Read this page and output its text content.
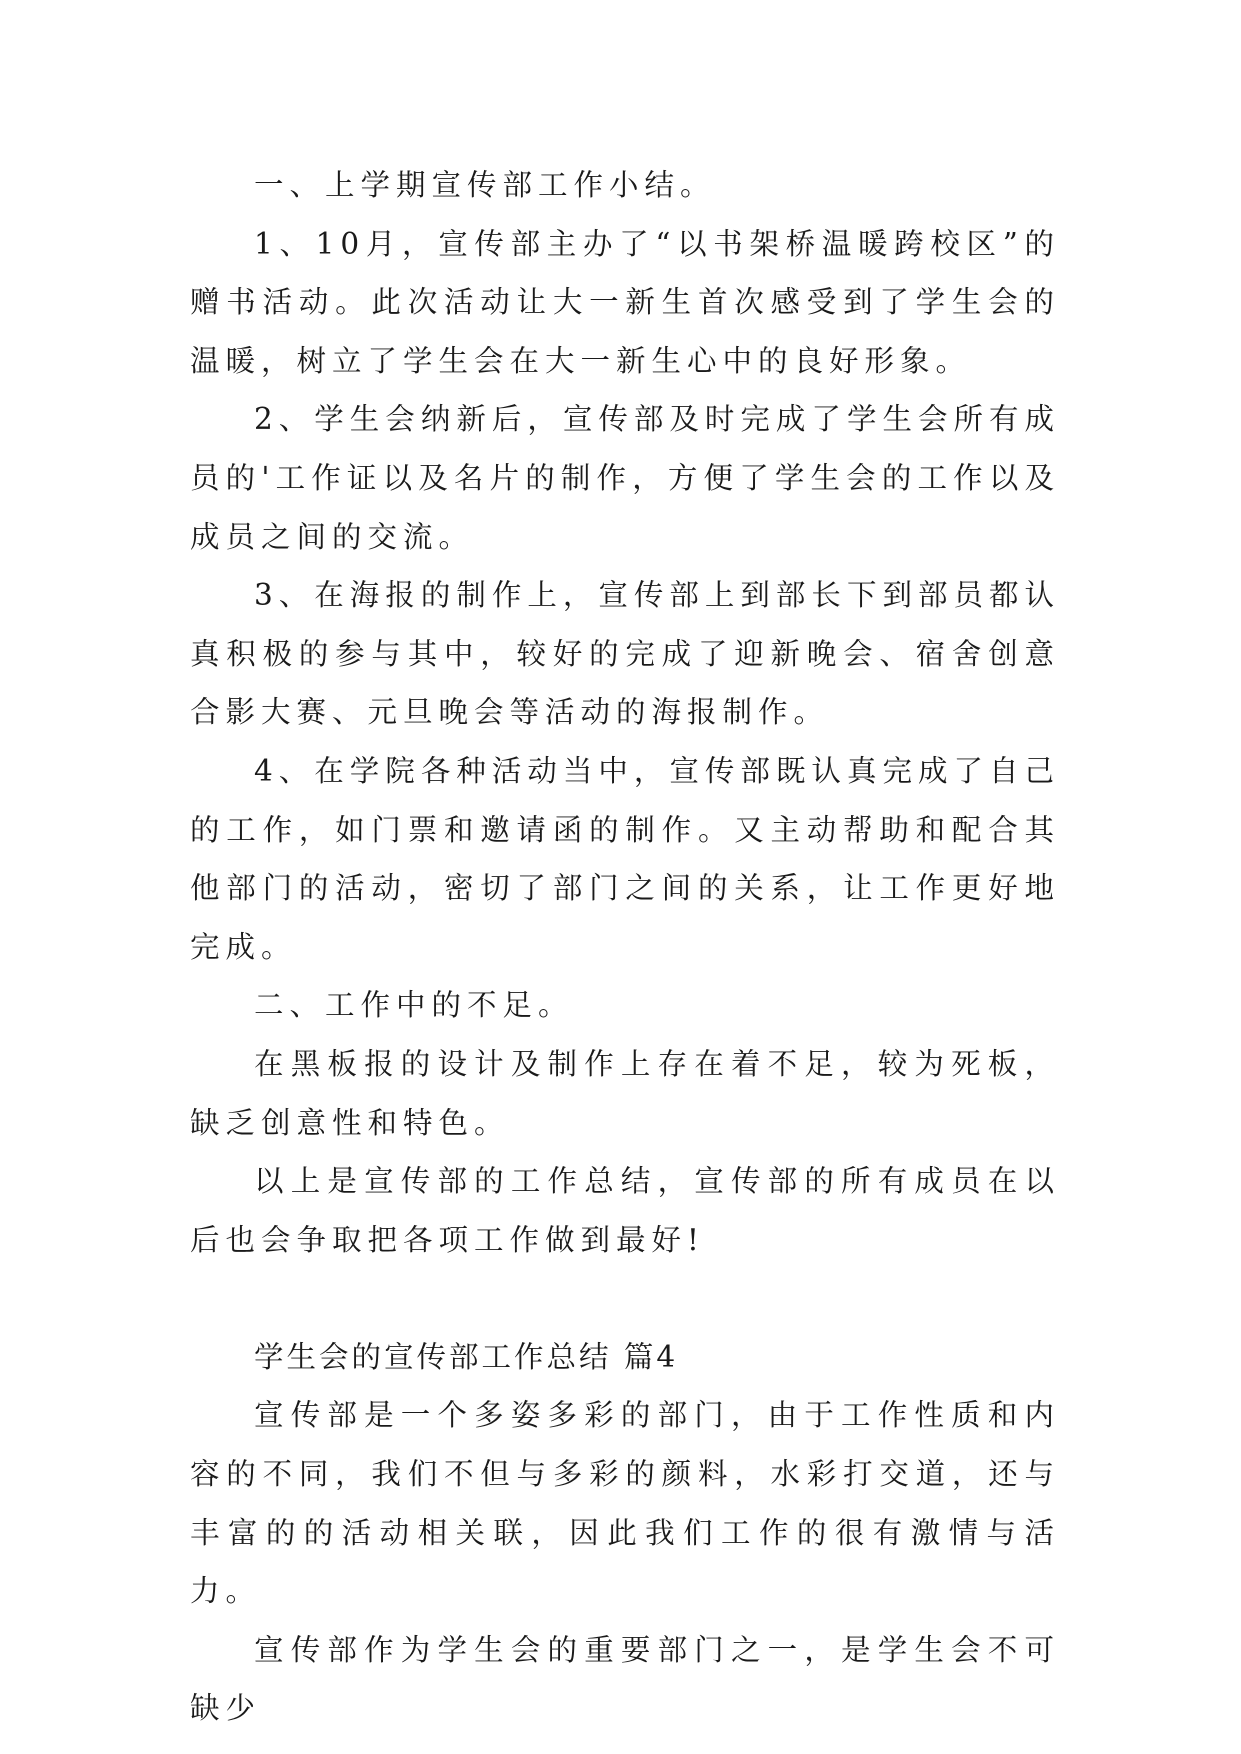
一、上学期宣传部工作小结。

1、10月，宣传部主办了“以书架桥温暖跨校区”的赠书活动。此次活动让大一新生首次感受到了学生会的温暖，树立了学生会在大一新生心中的良好形象。

2、学生会纳新后，宣传部及时完成了学生会所有成员的'工作证以及名片的制作，方便了学生会的工作以及成员之间的交流。

3、在海报的制作上，宣传部上到部长下到部员都认真积极的参与其中，较好的完成了迎新晚会、宿舍创意合影大赛、元旦晚会等活动的海报制作。

4、在学院各种活动当中，宣传部既认真完成了自己的工作，如门票和邀请函的制作。又主动帮助和配合其他部门的活动，密切了部门之间的关系，让工作更好地完成。

二、工作中的不足。

在黑板报的设计及制作上存在着不足，较为死板，缺乏创意性和特色。

以上是宣传部的工作总结，宣传部的所有成员在以后也会争取把各项工作做到最好!

学生会的宣传部工作总结 篇4

宣传部是一个多姿多彩的部门，由于工作性质和内容的不同，我们不但与多彩的颜料，水彩打交道，还与丰富的的活动相关联，因此我们工作的很有激情与活力。

宣传部作为学生会的重要部门之一，是学生会不可缺少
